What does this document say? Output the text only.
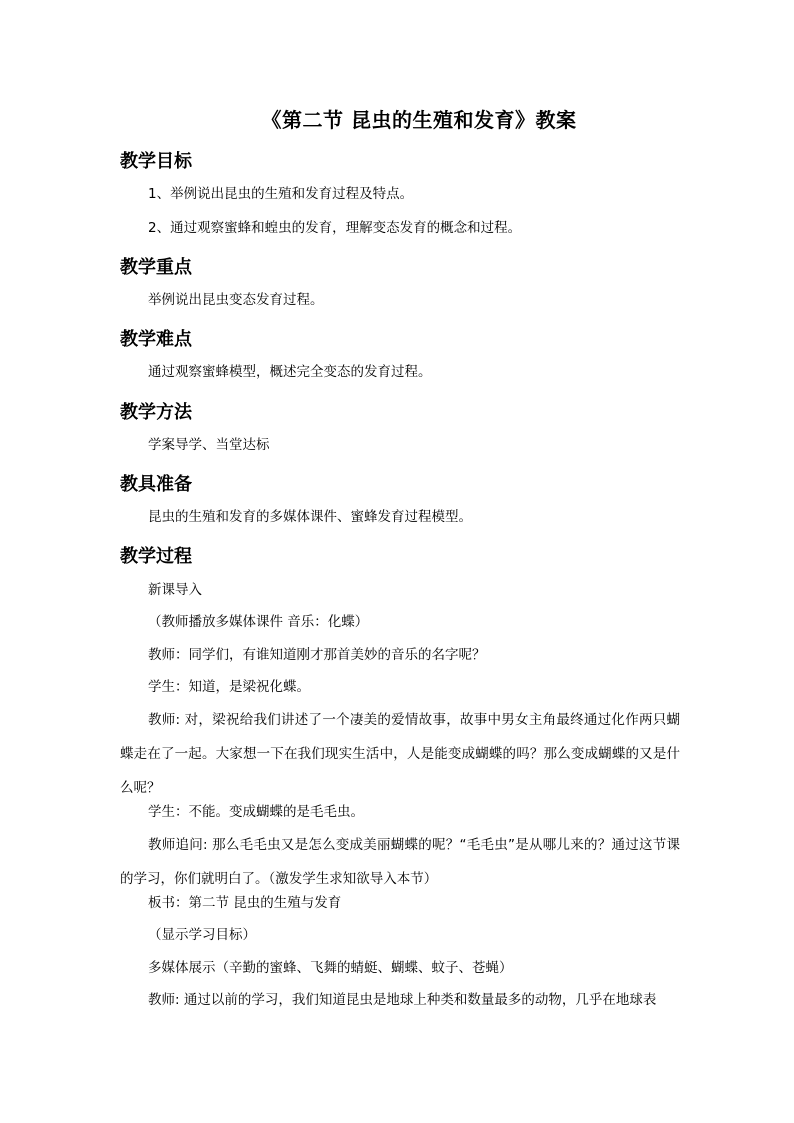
《第二节 昆虫的生殖和发育》教案
教学目标
1、举例说出昆虫的生殖和发育过程及特点。
2、通过观察蜜蜂和蝗虫的发育，理解变态发育的概念和过程。
教学重点
举例说出昆虫变态发育过程。
教学难点
通过观察蜜蜂模型，概述完全变态的发育过程。
教学方法
学案导学、当堂达标
教具准备
昆虫的生殖和发育的多媒体课件、蜜蜂发育过程模型。
教学过程
新课导入
（教师播放多媒体课件 音乐：化蝶）
教师：同学们，有谁知道刚才那首美妙的音乐的名字呢？
学生：知道，是梁祝化蝶。
教师: 对，梁祝给我们讲述了一个凄美的爱情故事，故事中男女主角最终通过化作两只蝴蝶走在了一起。大家想一下在我们现实生活中，人是能变成蝴蝶的吗？那么变成蝴蝶的又是什么呢？
学生：不能。变成蝴蝶的是毛毛虫。
教师追问: 那么毛毛虫又是怎么变成美丽蝴蝶的呢？“毛毛虫”是从哪儿来的？通过这节课的学习，你们就明白了。（激发学生求知欲导入本节）
板书：第二节 昆虫的生殖与发育
（显示学习目标）
多媒体展示（辛勤的蜜蜂、飞舞的蜻蜓、蝴蝶、蚊子、苍蝇）
教师: 通过以前的学习，我们知道昆虫是地球上种类和数量最多的动物，几乎在地球表
